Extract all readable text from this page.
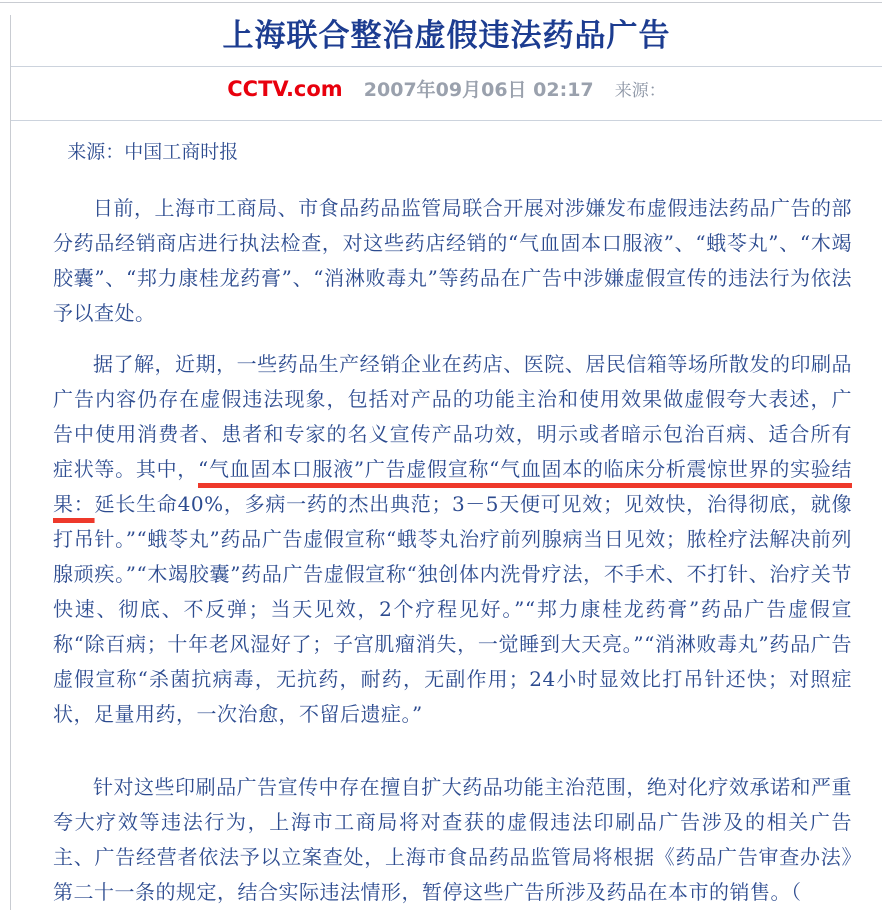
上海联合整治虚假违法药品广告
CCTV.com 2007年09月06日 02:17 来源：

来源：中国工商时报

日前，上海市工商局、市食品药品监管局联合开展对涉嫌发布虚假违法药品广告的部分药品经销商店进行执法检查，对这些药店经销的“气血固本口服液”、“蛾苓丸”、“木竭胶囊”、“邦力康桂龙药膏”、“消淋败毒丸”等药品在广告中涉嫌虚假宣传的违法行为依法予以查处。

据了解，近期，一些药品生产经销企业在药店、医院、居民信箱等场所散发的印刷品广告内容仍存在虚假违法现象，包括对产品的功能主治和使用效果做虚假夸大表述，广告中使用消费者、患者和专家的名义宣传产品功效，明示或者暗示包治百病、适合所有症状等。其中，“气血固本口服液”广告虚假宣称“气血固本的临床分析震惊世界的实验结果：延长生命40%，多病一药的杰出典范；3－5天便可见效；见效快，治得彻底，就像打吊针。”“蛾苓丸”药品广告虚假宣称“蛾苓丸治疗前列腺病当日见效；脓栓疗法解决前列腺顽疾。”“木竭胶囊”药品广告虚假宣称“独创体内洗骨疗法，不手术、不打针、治疗关节快速、彻底、不反弹；当天见效，2个疗程见好。”“邦力康桂龙药膏”药品广告虚假宣称“除百病；十年老风湿好了；子宫肌瘤消失，一觉睡到大天亮。”“消淋败毒丸”药品广告虚假宣称“杀菌抗病毒，无抗药，耐药，无副作用；24小时显效比打吊针还快；对照症状，足量用药，一次治愈，不留后遗症。”

针对这些印刷品广告宣传中存在擅自扩大药品功能主治范围，绝对化疗效承诺和严重夸大疗效等违法行为，上海市工商局将对查获的虚假违法印刷品广告涉及的相关广告主、广告经营者依法予以立案查处，上海市食品药品监管局将根据《药品广告审查办法》第二十一条的规定，结合实际违法情形，暂停这些广告所涉及药品在本市的销售。（
